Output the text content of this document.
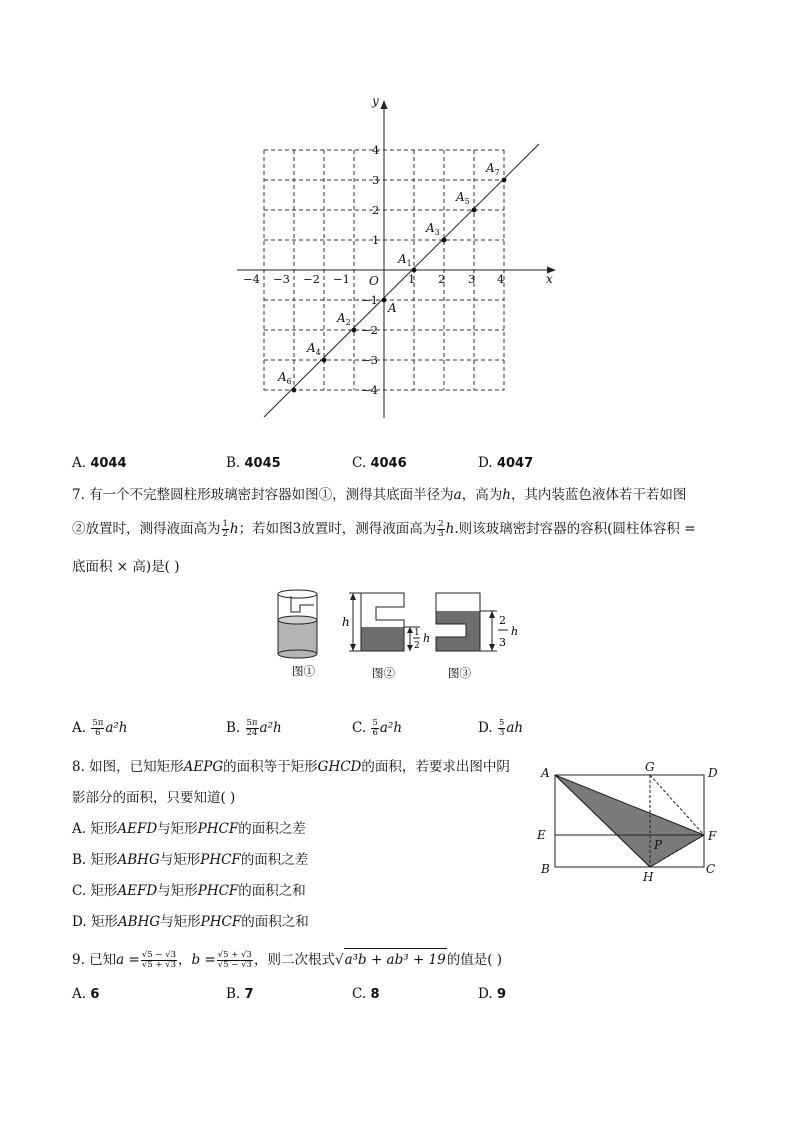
−4 −3 −2 −1	1 2 3 4
4
3
2
1
−1
−2
−3
−4
x
y
O
A
$A_1$
$A_2$
$A_3$
$A_4$
$A_5$
$A_6$
$A_7$
A. 4044	B. 4045	C. 4046	D. 4047
7. 有一个不完整圆柱形玻璃密封容器如图①，测得其底面半径为a，高为h，其内装蓝色液体若干若如图
②放置时，测得液面高为 $\frac{1}{2}$ h；若如图3放置时，测得液面高为 $\frac{2}{3} h$.则该玻璃密封容器的容积(圆柱体容积 =
底面积 × 高)是( )
h
1
2
h
2
3
h
图①	图②	图③
A. $\frac{5\pi}{6} a^2h$	B. $\frac{5\pi}{24} a^2h$	C. $\frac{5}{6} a^2h$	D. $\frac{5}{3}$ ah
8. 如图，已知矩形AEPG的面积等于矩形GHCD的面积，若要求出图中阴
影部分的面积，只要知道( )
A. 矩形AEFD与矩形PHCF的面积之差
B. 矩形ABHG与矩形PHCF的面积之差
C. 矩形AEFD与矩形PHCF的面积之和
D. 矩形ABHG与矩形PHCF的面积之和
A	G	D
E	F
P
B
H
C
9. 已知$a = \frac{√5 - √3}{√5 + √3}$ ，$b = \frac{√5 + √3}{√5 - √3}$ ，则二次根式√a³b + ab³ + 19的值是( )
A. 6	B. 7	C. 8	D. 9
